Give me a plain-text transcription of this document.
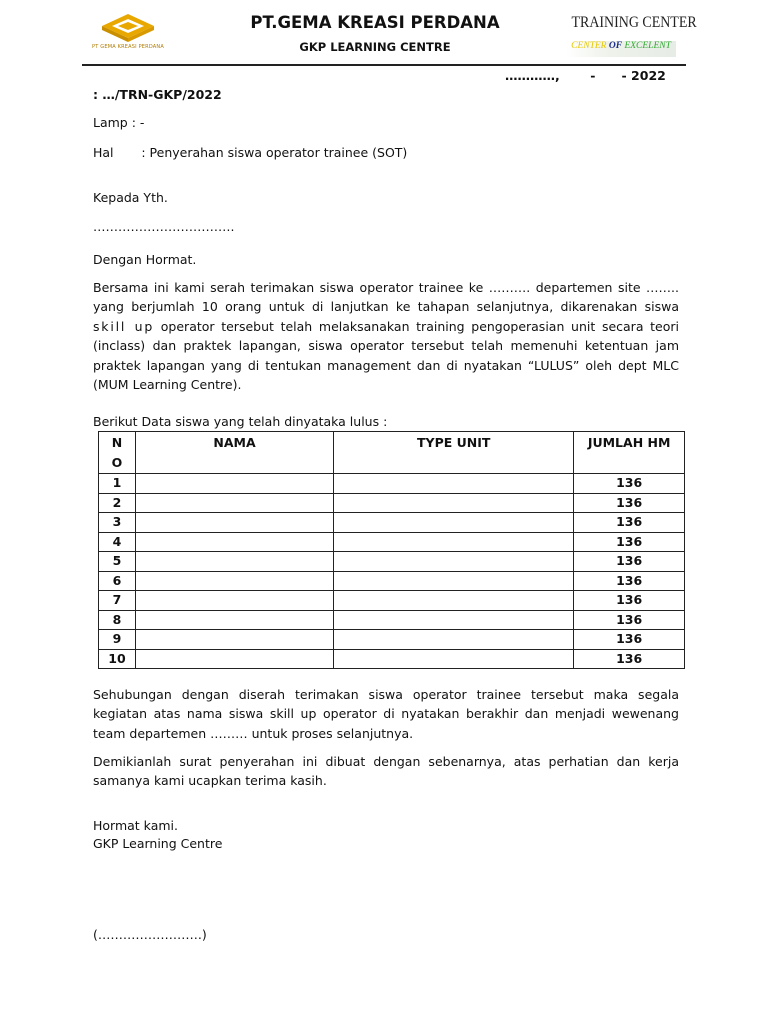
PT GEMA KREASI PERDANA
PT.GEMA KREASI PERDANA
GKP LEARNING CENTRE
TRAINING CENTER
CENTER OF EXCELENT
…………,       -      - 2022
: …/TRN-GKP/2022
Lamp : -
Hal       : Penyerahan siswa operator trainee (SOT)
Kepada Yth.
…………………………….
Dengan Hormat.
Bersama ini kami serah terimakan siswa operator trainee ke ………. departemen site …….. yang berjumlah 10 orang untuk di lanjutkan ke tahapan selanjutnya, dikarenakan siswa skill up operator tersebut telah melaksanakan training pengoperasian unit secara teori (inclass) dan praktek lapangan, siswa operator tersebut telah memenuhi ketentuan jam praktek lapangan yang di tentukan management dan di nyatakan “LULUS” oleh dept MLC (MUM Learning Centre).
Berikut Data siswa yang telah dinyataka lulus :
N
O	NAMA	TYPE UNIT	JUMLAH HM
1			136
2			136
3			136
4			136
5			136
6			136
7			136
8			136
9			136
10			136
Sehubungan dengan diserah terimakan siswa operator trainee tersebut maka segala kegiatan atas nama siswa skill up operator di nyatakan berakhir dan menjadi wewenang team departemen ……… untuk proses selanjutnya.
Demikianlah surat penyerahan ini dibuat dengan sebenarnya, atas perhatian dan kerja samanya kami ucapkan terima kasih.
Hormat kami.
GKP Learning Centre
(…………………….)
